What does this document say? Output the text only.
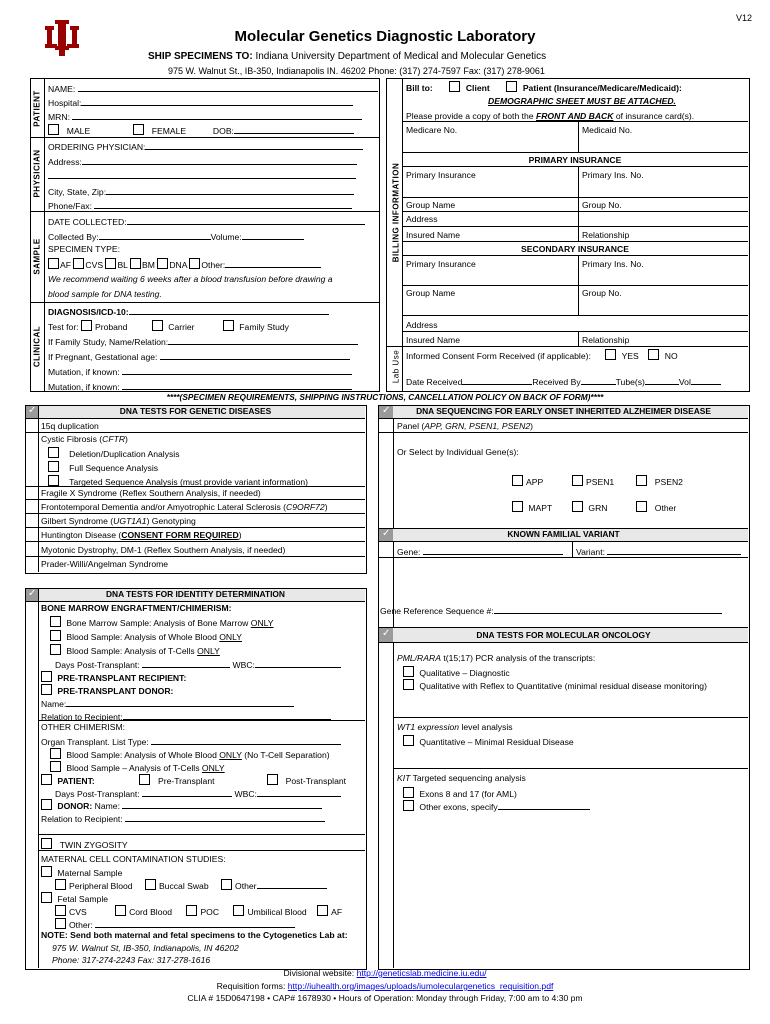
V12
Molecular Genetics Diagnostic Laboratory
SHIP SPECIMENS TO: Indiana University Department of Medical and Molecular Genetics
975 W. Walnut St., IB-350, Indianapolis IN. 46202 Phone: (317) 274-7597 Fax: (317) 278-9061
PATIENT
PHYSICIAN
SAMPLE
CLINICAL
NAME:
Hospital:
MRN:
MALE	FEMALE	DOB:
ORDERING PHYSICIAN:
Address:
City, State, Zip:
Phone/Fax:
DATE COLLECTED:
Collected By:	Volume:
SPECIMEN TYPE:
AF CVS BL BM DNA Other:
We recommend waiting 6 weeks after a blood transfusion before drawing a
blood sample for DNA testing.
DIAGNOSIS/ICD-10:
Test for: Proband	Carrier	Family Study
If Family Study, Name/Relation:
If Pregnant, Gestational age:
Mutation, if known:
Mutation, if known:
BILLING INFORMATION
Lab Use
Bill to:	Client	Patient (Insurance/Medicare/Medicaid):
DEMOGRAPHIC SHEET MUST BE ATTACHED.
Please provide a copy of both the FRONT AND BACK of insurance card(s).
Medicare No.	Medicaid No.
PRIMARY INSURANCE
Primary Insurance	Primary Ins. No.
Group Name	Group No.
Address
Insured Name	Relationship
SECONDARY INSURANCE
Primary Insurance	Primary Ins. No.
Group Name	Group No.
Address
Insured Name	Relationship
Informed Consent Form Received (if applicable):	YES	NO
Date Received	Received By	Tube(s)	Vol
****(SPECIMEN REQUIREMENTS, SHIPPING INSTRUCTIONS, CANCELLATION POLICY ON BACK OF FORM)****
DNA TESTS FOR GENETIC DISEASES
✓
15q duplication
Cystic Fibrosis (CFTR)
Deletion/Duplication Analysis
Full Sequence Analysis
Targeted Sequence Analysis (must provide variant information)
Fragile X Syndrome (Reflex Southern Analysis, if needed)
Frontotemporal Dementia and/or Amyotrophic Lateral Sclerosis (C9ORF72)
Gilbert Syndrome (UGT1A1) Genotyping
Huntington Disease (CONSENT FORM REQUIRED)
Myotonic Dystrophy, DM-1 (Reflex Southern Analysis, if needed)
Prader-Willi/Angelman Syndrome
DNA TESTS FOR IDENTITY DETERMINATION
✓
BONE MARROW ENGRAFTMENT/CHIMERISM:
Bone Marrow Sample: Analysis of Bone Marrow ONLY
Blood Sample: Analysis of Whole Blood ONLY
Blood Sample: Analysis of T-Cells ONLY
Days Post-Transplant:	WBC:
PRE-TRANSPLANT RECIPIENT:
PRE-TRANSPLANT DONOR:
Name:
Relation to Recipient:
OTHER CHIMERISM:
Organ Transplant. List Type:
Blood Sample: Analysis of Whole Blood ONLY (No T-Cell Separation)
Blood Sample – Analysis of T-Cells ONLY
PATIENT:	Pre-Transplant	Post-Transplant
Days Post-Transplant:	WBC:
DONOR: Name:
Relation to Recipient:
TWIN ZYGOSITY
MATERNAL CELL CONTAMINATION STUDIES:
Maternal Sample
Peripheral Blood	Buccal Swab	Other
Fetal Sample
CVS	Cord Blood	POC	Umbilical Blood	AF
Other:
NOTE: Send both maternal and fetal specimens to the Cytogenetics Lab at:
975 W. Walnut St, IB-350, Indianapolis, IN 46202
Phone: 317-274-2243 Fax: 317-278-1616
DNA SEQUENCING FOR EARLY ONSET INHERITED ALZHEIMER DISEASE
✓
Panel (APP, GRN, PSEN1, PSEN2)
Or Select by Individual Gene(s):
APP	PSEN1	PSEN2
MAPT	GRN	Other
KNOWN FAMILIAL VARIANT
✓
Gene:	Variant:
Gene Reference Sequence #:
DNA TESTS FOR MOLECULAR ONCOLOGY
✓
PML/RARA t(15;17) PCR analysis of the transcripts:
Qualitative – Diagnostic
Qualitative with Reflex to Quantitative (minimal residual disease monitoring)
WT1 expression level analysis
Quantitative – Minimal Residual Disease
KIT Targeted sequencing analysis
Exons 8 and 17 (for AML)
Other exons, specify
Divisional website: http://geneticslab.medicine.iu.edu/
Requisition forms: http://iuhealth.org/images/uploads/iumoleculargenetics_requisition.pdf
CLIA # 15D0647198 • CAP# 1678930 • Hours of Operation: Monday through Friday, 7:00 am to 4:30 pm
